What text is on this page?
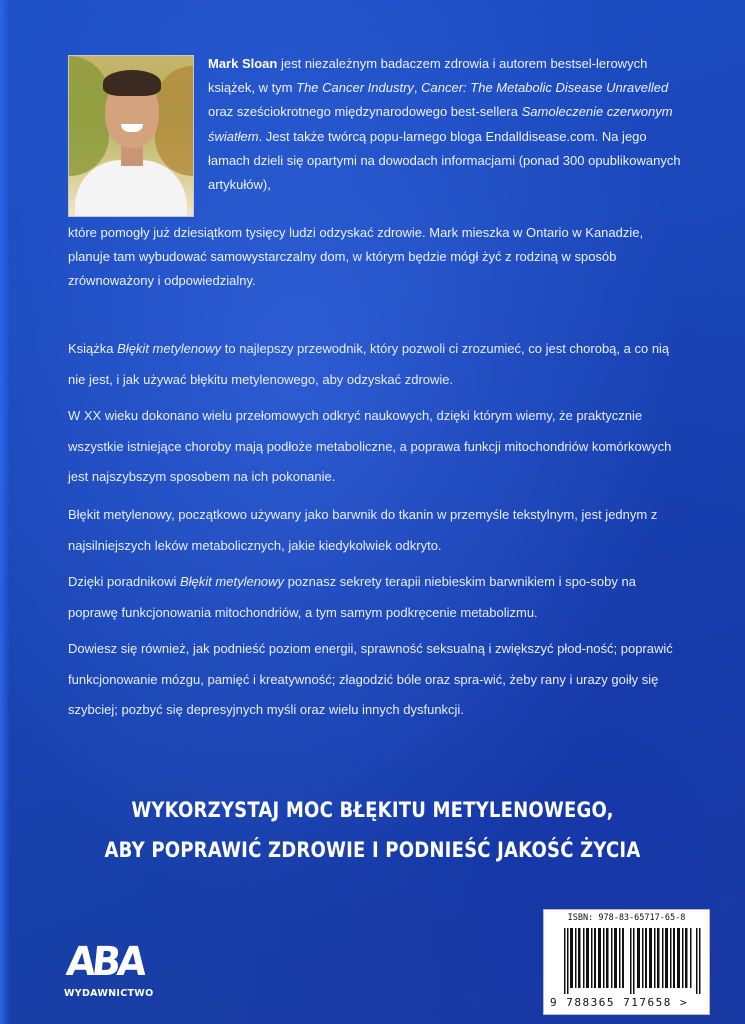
Mark Sloan jest niezależnym badaczem zdrowia i autorem bestsel-lerowych książek, w tym The Cancer Industry, Cancer: The Metabolic Disease Unravelled oraz sześciokrotnego międzynarodowego best-sellera Samoleczenie czerwonym światłem. Jest także twórcą popu-larnego bloga Endalldisease.com. Na jego łamach dzieli się opartymi na dowodach informacjami (ponad 300 opublikowanych artykułów),

które pomogły już dziesiątkom tysięcy ludzi odzyskać zdrowie. Mark mieszka w Ontario w Kanadzie, planuje tam wybudować samowystarczalny dom, w którym będzie mógł żyć z rodziną w sposób zrównoważony i odpowiedzialny.

Książka Błękit metylenowy to najlepszy przewodnik, który pozwoli ci zrozumieć, co jest chorobą, a co nią nie jest, i jak używać błękitu metylenowego, aby odzyskać zdrowie.

W XX wieku dokonano wielu przełomowych odkryć naukowych, dzięki którym wiemy, że praktycznie wszystkie istniejące choroby mają podłoże metaboliczne, a poprawa funkcji mitochondriów komórkowych jest najszybszym sposobem na ich pokonanie.

Błękit metylenowy, początkowo używany jako barwnik do tkanin w przemyśle tekstylnym, jest jednym z najsilniejszych leków metabolicznych, jakie kiedykolwiek odkryto.

Dzięki poradnikowi Błękit metylenowy poznasz sekrety terapii niebieskim barwnikiem i spo-soby na poprawę funkcjonowania mitochondriów, a tym samym podkręcenie metabolizmu.

Dowiesz się również, jak podnieść poziom energii, sprawność seksualną i zwiększyć płod-ność; poprawić funkcjonowanie mózgu, pamięć i kreatywność; złagodzić bóle oraz spra-wić, żeby rany i urazy goiły się szybciej; pozbyć się depresyjnych myśli oraz wielu innych dysfunkcji.

WYKORZYSTAJ MOC BŁĘKITU METYLENOWEGO,
ABY POPRAWIĆ ZDROWIE I PODNIEŚĆ JAKOŚĆ ŻYCIA
ABA
WYDAWNICTWO
ISBN: 978-83-65717-65-8
9 788365 717658 >
